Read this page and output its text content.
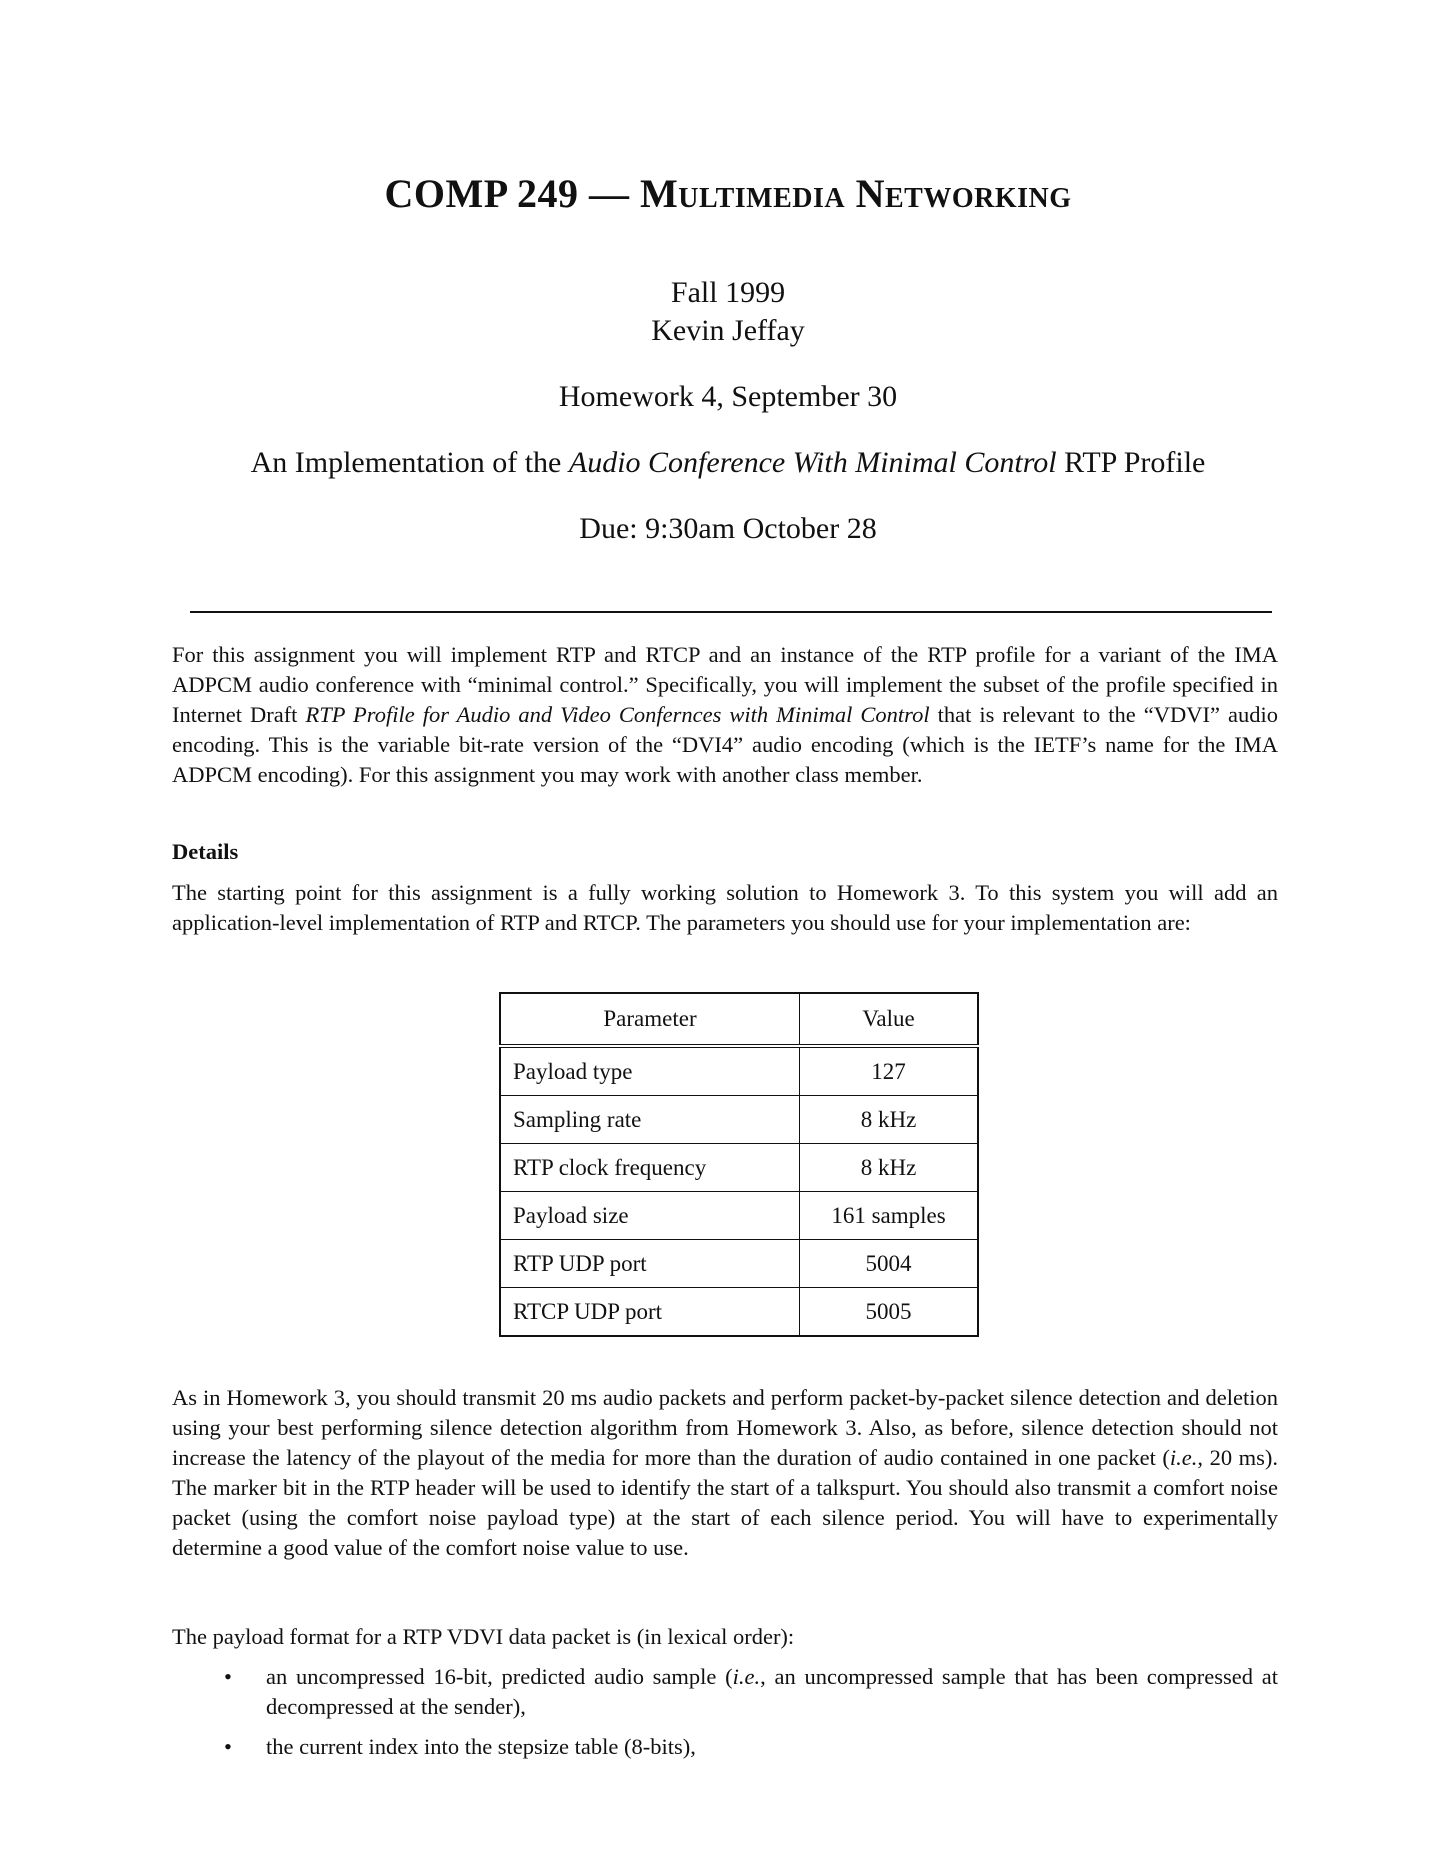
COMP 249 — Multimedia Networking
Fall 1999
Kevin Jeffay
Homework 4, September 30
An Implementation of the Audio Conference With Minimal Control RTP Profile
Due: 9:30am October 28
For this assignment you will implement RTP and RTCP and an instance of the RTP profile for a variant of the IMA ADPCM audio conference with “minimal control.” Specifically, you will implement the subset of the profile specified in Internet Draft RTP Profile for Audio and Video Confernces with Minimal Control that is relevant to the “VDVI” audio encoding. This is the variable bit-rate version of the “DVI4” audio encoding (which is the IETF’s name for the IMA ADPCM encoding). For this assignment you may work with another class member.
Details
The starting point for this assignment is a fully working solution to Homework 3. To this system you will add an application-level implementation of RTP and RTCP. The parameters you should use for your implementation are:
Parameter	Value
Payload type	127
Sampling rate	8 kHz
RTP clock frequency	8 kHz
Payload size	161 samples
RTP UDP port	5004
RTCP UDP port	5005
As in Homework 3, you should transmit 20 ms audio packets and perform packet-by-packet silence detection and deletion using your best performing silence detection algorithm from Homework 3. Also, as before, silence detection should not increase the latency of the playout of the media for more than the duration of audio contained in one packet (i.e., 20 ms). The marker bit in the RTP header will be used to identify the start of a talkspurt. You should also transmit a comfort noise packet (using the comfort noise payload type) at the start of each silence period. You will have to experimentally determine a good value of the comfort noise value to use.
The payload format for a RTP VDVI data packet is (in lexical order):
• an uncompressed 16-bit, predicted audio sample (i.e., an uncompressed sample that has been compressed at decompressed at the sender),
• the current index into the stepsize table (8-bits),
